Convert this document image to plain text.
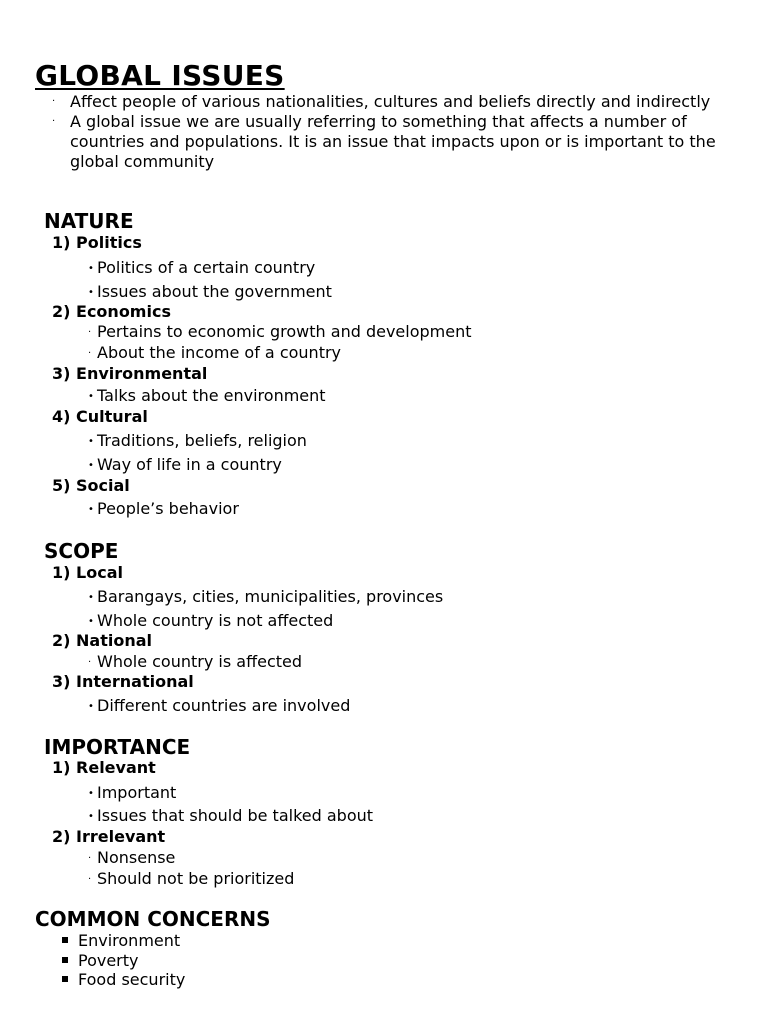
GLOBAL ISSUES
· Affect people of various nationalities, cultures and beliefs directly and indirectly
· A global issue we are usually referring to something that affects a number of countries and populations. It is an issue that impacts upon or is important to the global community
NATURE
1) Politics
• Politics of a certain country
• Issues about the government
2) Economics
· Pertains to economic growth and development
· About the income of a country
3) Environmental
• Talks about the environment
4) Cultural
• Traditions, beliefs, religion
• Way of life in a country
5) Social
• People’s behavior
SCOPE
1) Local
• Barangays, cities, municipalities, provinces
• Whole country is not affected
2) National
· Whole country is affected
3) International
• Different countries are involved
IMPORTANCE
1) Relevant
• Important
• Issues that should be talked about
2) Irrelevant
· Nonsense
· Should not be prioritized
COMMON CONCERNS
Environment
Poverty
Food security
